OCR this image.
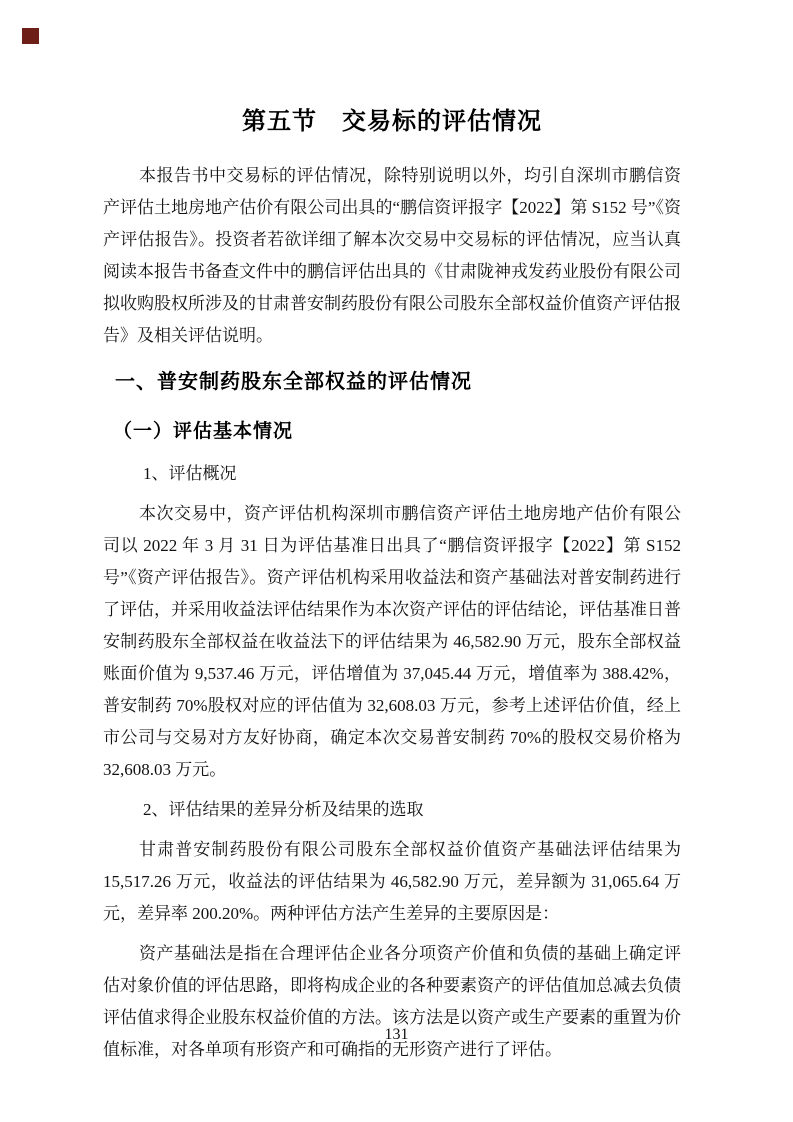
第五节　交易标的评估情况

本报告书中交易标的评估情况，除特别说明以外，均引自深圳市鹏信资产评估土地房地产估价有限公司出具的“鹏信资评报字【2022】第 S152 号”《资产评估报告》。投资者若欲详细了解本次交易中交易标的评估情况，应当认真阅读本报告书备查文件中的鹏信评估出具的《甘肃陇神戎发药业股份有限公司拟收购股权所涉及的甘肃普安制药股份有限公司股东全部权益价值资产评估报告》及相关评估说明。

一、普安制药股东全部权益的评估情况
（一）评估基本情况

1、评估概况

本次交易中，资产评估机构深圳市鹏信资产评估土地房地产估价有限公司以 2022 年 3 月 31 日为评估基准日出具了“鹏信资评报字【2022】第 S152 号”《资产评估报告》。资产评估机构采用收益法和资产基础法对普安制药进行了评估，并采用收益法评估结果作为本次资产评估的评估结论，评估基准日普安制药股东全部权益在收益法下的评估结果为 46,582.90 万元，股东全部权益账面价值为 9,537.46 万元，评估增值为 37,045.44 万元，增值率为 388.42%，普安制药 70%股权对应的评估值为 32,608.03 万元，参考上述评估价值，经上市公司与交易对方友好协商，确定本次交易普安制药 70%的股权交易价格为 32,608.03 万元。

2、评估结果的差异分析及结果的选取

甘肃普安制药股份有限公司股东全部权益价值资产基础法评估结果为 15,517.26 万元，收益法的评估结果为 46,582.90 万元，差异额为 31,065.64 万元，差异率 200.20%。两种评估方法产生差异的主要原因是：

资产基础法是指在合理评估企业各分项资产价值和负债的基础上确定评估对象价值的评估思路，即将构成企业的各种要素资产的评估值加总减去负债评估值求得企业股东权益价值的方法。该方法是以资产或生产要素的重置为价值标准，对各单项有形资产和可确指的无形资产进行了评估。

131
